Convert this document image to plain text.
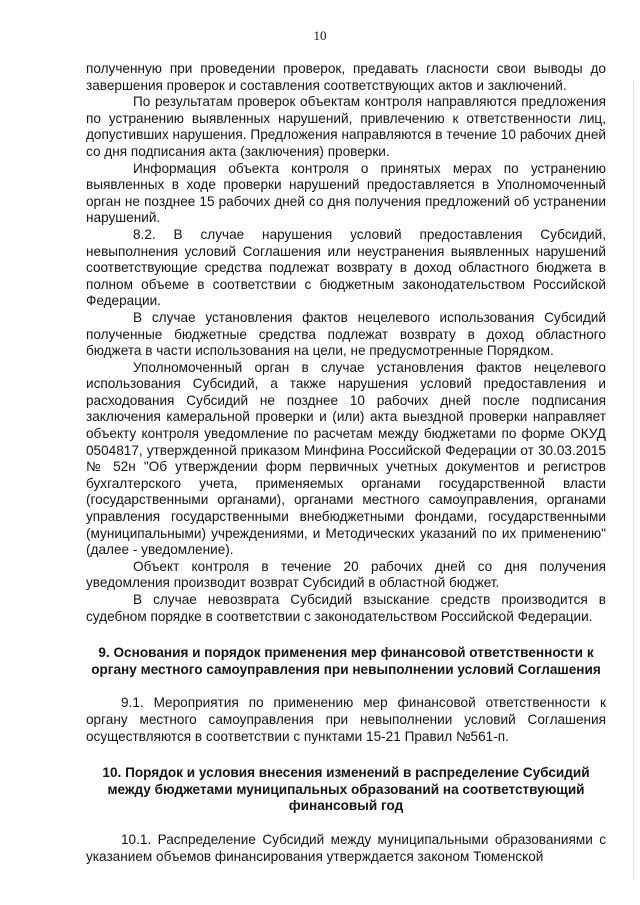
10

полученную при проведении проверок, предавать гласности свои выводы до завершения проверок и составления соответствующих актов и заключений.

По результатам проверок объектам контроля направляются предложения по устранению выявленных нарушений, привлечению к ответственности лиц, допустивших нарушения. Предложения направляются в течение 10 рабочих дней со дня подписания акта (заключения) проверки.

Информация объекта контроля о принятых мерах по устранению выявленных в ходе проверки нарушений предоставляется в Уполномоченный орган не позднее 15 рабочих дней со дня получения предложений об устранении нарушений.

8.2. В случае нарушения условий предоставления Субсидий, невыполнения условий Соглашения или неустранения выявленных нарушений соответствующие средства подлежат возврату в доход областного бюджета в полном объеме в соответствии с бюджетным законодательством Российской Федерации.

В случае установления фактов нецелевого использования Субсидий полученные бюджетные средства подлежат возврату в доход областного бюджета в части использования на цели, не предусмотренные Порядком.

Уполномоченный орган в случае установления фактов нецелевого использования Субсидий, а также нарушения условий предоставления и расходования Субсидий не позднее 10 рабочих дней после подписания заключения камеральной проверки и (или) акта выездной проверки направляет объекту контроля уведомление по расчетам между бюджетами по форме ОКУД 0504817, утвержденной приказом Минфина Российской Федерации от 30.03.2015 № 52н "Об утверждении форм первичных учетных документов и регистров бухгалтерского учета, применяемых органами государственной власти (государственными органами), органами местного самоуправления, органами управления государственными внебюджетными фондами, государственными (муниципальными) учреждениями, и Методических указаний по их применению" (далее - уведомление).

Объект контроля в течение 20 рабочих дней со дня получения уведомления производит возврат Субсидий в областной бюджет.

В случае невозврата Субсидий взыскание средств производится в судебном порядке в соответствии с законодательством Российской Федерации.

9. Основания и порядок применения мер финансовой ответственности к органу местного самоуправления при невыполнении условий Соглашения

9.1. Мероприятия по применению мер финансовой ответственности к органу местного самоуправления при невыполнении условий Соглашения осуществляются в соответствии с пунктами 15-21 Правил №561-п.

10. Порядок и условия внесения изменений в распределение Субсидий между бюджетами муниципальных образований на соответствующий финансовый год

10.1. Распределение Субсидий между муниципальными образованиями с указанием объемов финансирования утверждается законом Тюменской
